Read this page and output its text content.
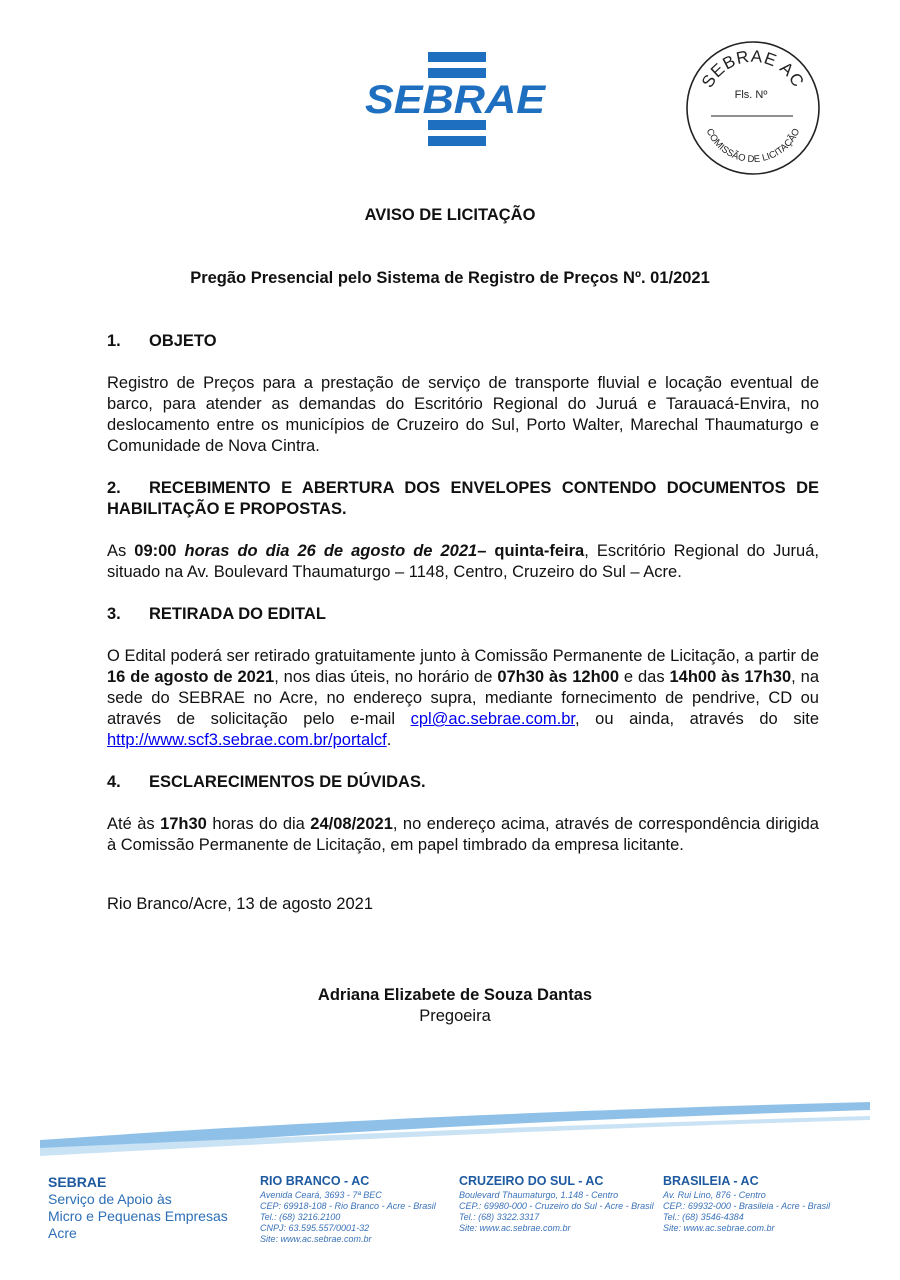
SEBRAE	SEBRAE AC
Fls. Nº
COMISSÃO DE LICITAÇÃO
AVISO DE LICITAÇÃO
Pregão Presencial pelo Sistema de Registro de Preços Nº. 01/2021
1. OBJETO
Registro de Preços para a prestação de serviço de transporte fluvial e locação eventual de barco, para atender as demandas do Escritório Regional do Juruá e Tarauacá-Envira, no deslocamento entre os municípios de Cruzeiro do Sul, Porto Walter, Marechal Thaumaturgo e Comunidade de Nova Cintra.
2. RECEBIMENTO E ABERTURA DOS ENVELOPES CONTENDO DOCUMENTOS DE HABILITAÇÃO E PROPOSTAS.
As 09:00 horas do dia 26 de agosto de 2021– quinta-feira, Escritório Regional do Juruá, situado na Av. Boulevard Thaumaturgo – 1148, Centro, Cruzeiro do Sul – Acre.
3. RETIRADA DO EDITAL
O Edital poderá ser retirado gratuitamente junto à Comissão Permanente de Licitação, a partir de 16 de agosto de 2021, nos dias úteis, no horário de 07h30 às 12h00 e das 14h00 às 17h30, na sede do SEBRAE no Acre, no endereço supra, mediante fornecimento de pendrive, CD ou através de solicitação pelo e-mail cpl@ac.sebrae.com.br, ou ainda, através do site http://www.scf3.sebrae.com.br/portalcf.
4. ESCLARECIMENTOS DE DÚVIDAS.
Até às 17h30 horas do dia 24/08/2021, no endereço acima, através de correspondência dirigida à Comissão Permanente de Licitação, em papel timbrado da empresa licitante.
Rio Branco/Acre, 13 de agosto 2021
Adriana Elizabete de Souza Dantas
Pregoeira
SEBRAE
Serviço de Apoio às
Micro e Pequenas Empresas
Acre
RIO BRANCO - AC
Avenida Ceará, 3693 - 7ª BEC
CEP: 69918-108 - Rio Branco - Acre - Brasil
Tel.: (68) 3216.2100
CNPJ: 63.595.557/0001-32
Site: www.ac.sebrae.com.br
CRUZEIRO DO SUL - AC
Boulevard Thaumaturgo, 1.148 - Centro
CEP.: 69980-000 - Cruzeiro do Sul - Acre - Brasil
Tel.: (68) 3322.3317
Site: www.ac.sebrae.com.br
BRASILEIA - AC
Av. Rui Lino, 876 - Centro
CEP.: 69932-000 - Brasileia - Acre - Brasil
Tel.: (68) 3546-4384
Site: www.ac.sebrae.com.br
